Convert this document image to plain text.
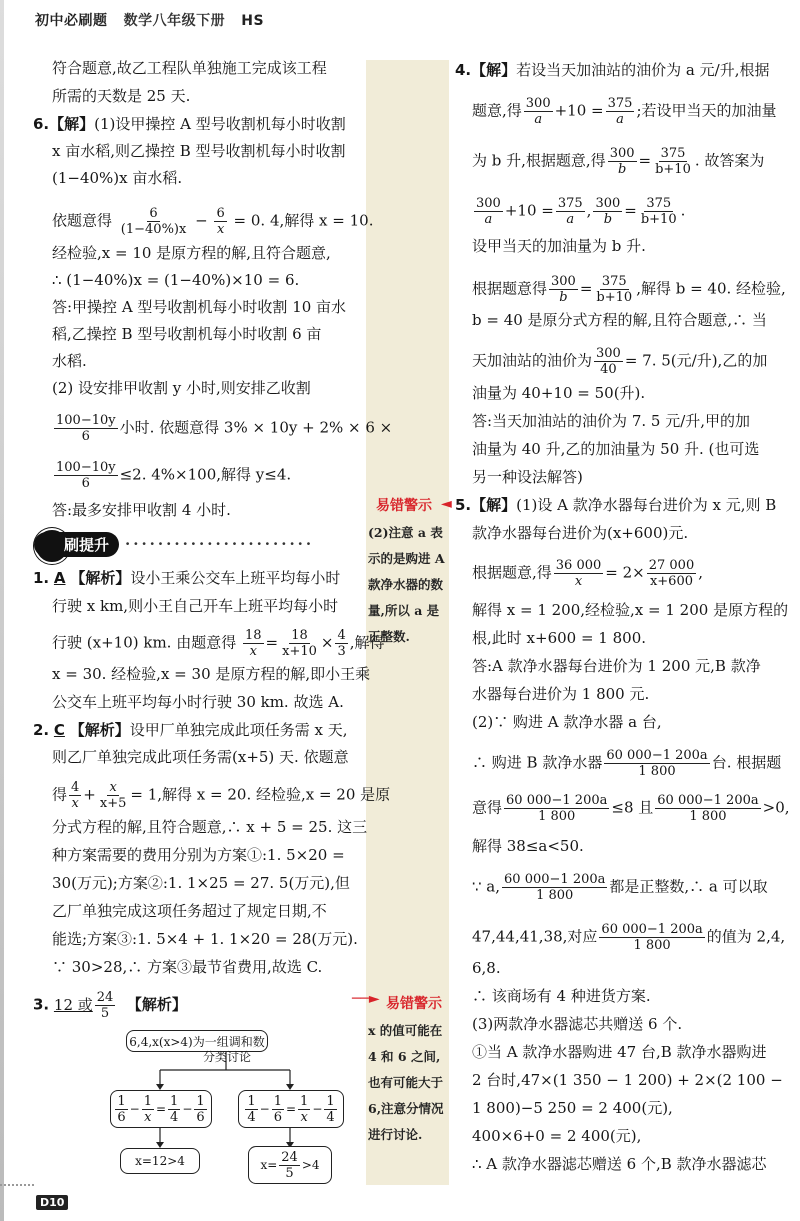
初中必刷题 数学八年级下册 HS
符合题意,故乙工程队单独施工完成该工程
所需的天数是 25 天.
6.【解】(1)设甲操控 A 型号收割机每小时收割
x 亩水稻,则乙操控 B 型号收割机每小时收割
(1−40%)x 亩水稻.
依题意得 $\frac{6}{(1-40\%)x} - \frac{6}{x} = 0$. 4,解得 x = 10.
经检验,x = 10 是原方程的解,且符合题意,
∴ (1−40%)x = (1−40%)×10 = 6.
答:甲操控 A 型号收割机每小时收割 10 亩水
稻,乙操控 B 型号收割机每小时收割 6 亩
水稻.
(2) 设安排甲收割 y 小时,则安排乙收割
$\frac{100-10y}{6}$ 小时. 依题意得 3% × 10y + 2% × 6 ×
$\frac{100-10y}{6} \le 2$. 4%×100,解得 y≤4.
答:最多安排甲收割 4 小时.
刷提升	·······················
1. A 【解析】设小王乘公交车上班平均每小时
行驶 x km,则小王自己开车上班平均每小时
行驶 (x+10) km. 由题意得 $\frac{18}{x} = \frac{18}{x+10} \times \frac{4}{3}$ ,解得
x = 30. 经检验,x = 30 是原方程的解,即小王乘
公交车上班平均每小时行驶 30 km. 故选 A.
2. C 【解析】设甲厂单独完成此项任务需 x 天,
则乙厂单独完成此项任务需(x+5) 天. 依题意
得 $\frac{4}{x} + \frac{x}{x+5} = 1$,解得 x = 20. 经检验,x = 20 是原
分式方程的解,且符合题意,∴ x + 5 = 25. 这三
种方案需要的费用分别为方案①:1. 5×20 =
30(万元);方案②:1. 1×25 = 27. 5(万元),但
乙厂单独完成这项任务超过了规定日期,不
能选;方案③:1. 5×4 + 1. 1×20 = 28(万元).
∵ 30>28,∴ 方案③最节省费用,故选 C.
3. 12 或 $\frac{24}{5}$ 【解析】
6,4,x(x>4)为一组调和数
分类讨论
$\frac{1}{6} - \frac{1}{x} = \frac{1}{4} - \frac{1}{6}$	$\frac{1}{4} - \frac{1}{6} = \frac{1}{x} - \frac{1}{4}$
x=12>4	$x= \frac{24}{5} >4$
易错警示 ◄
(2)注意 a 表
示的是购进 A
款净水器的数
量,所以 a 是
正整数.
──► 易错警示
x 的值可能在
4 和 6 之间,
也有可能大于
6,注意分情况
进行讨论.
4.【解】若设当天加油站的油价为 a 元/升,根据
题意,得 $\frac{300}{a} +10 = \frac{375}{a}$ ;若设甲当天的加油量
为 b 升,根据题意,得 $\frac{300}{b} = \frac{375}{b+10}$ . 故答案为
$\frac{300}{a} +10 = \frac{375}{a}$ , $\frac{300}{b} = \frac{375}{b+10}$ .
设甲当天的加油量为 b 升.
根据题意得 $\frac{300}{b} = \frac{375}{b+10}$ ,解得 b = 40. 经检验,
b = 40 是原分式方程的解,且符合题意,∴ 当
天加油站的油价为 $\frac{300}{40} = 7$. 5(元/升),乙的加
油量为 40+10 = 50(升).
答:当天加油站的油价为 7. 5 元/升,甲的加
油量为 40 升,乙的加油量为 50 升. (也可选
另一种设法解答)
5.【解】(1)设 A 款净水器每台进价为 x 元,则 B
款净水器每台进价为(x+600)元.
根据题意,得 $\frac{36 000}{x} = 2\times \frac{27 000}{x+600}$ ,
解得 x = 1 200,经检验,x = 1 200 是原方程的
根,此时 x+600 = 1 800.
答:A 款净水器每台进价为 1 200 元,B 款净
水器每台进价为 1 800 元.
(2)∵ 购进 A 款净水器 a 台,
∴ 购进 B 款净水器 $\frac{60 000-1 200a}{1 800}$ 台. 根据题
意得 $\frac{60 000-1 200a}{1 800} \le 8$ 且 $\frac{60 000-1 200a}{1 800} >0$,
解得 38≤a<50.
∵ a, $\frac{60 000-1 200a}{1 800}$ 都是正整数,∴ a 可以取
47,44,41,38,对应 $\frac{60 000-1 200a}{1 800}$ 的值为 2,4,
6,8.
∴ 该商场有 4 种进货方案.
(3)两款净水器滤芯共赠送 6 个.
①当 A 款净水器购进 47 台,B 款净水器购进
2 台时,47×(1 350 − 1 200) + 2×(2 100 −
1 800)−5 250 = 2 400(元),
400×6+0 = 2 400(元),
∴ A 款净水器滤芯赠送 6 个,B 款净水器滤芯
D10
